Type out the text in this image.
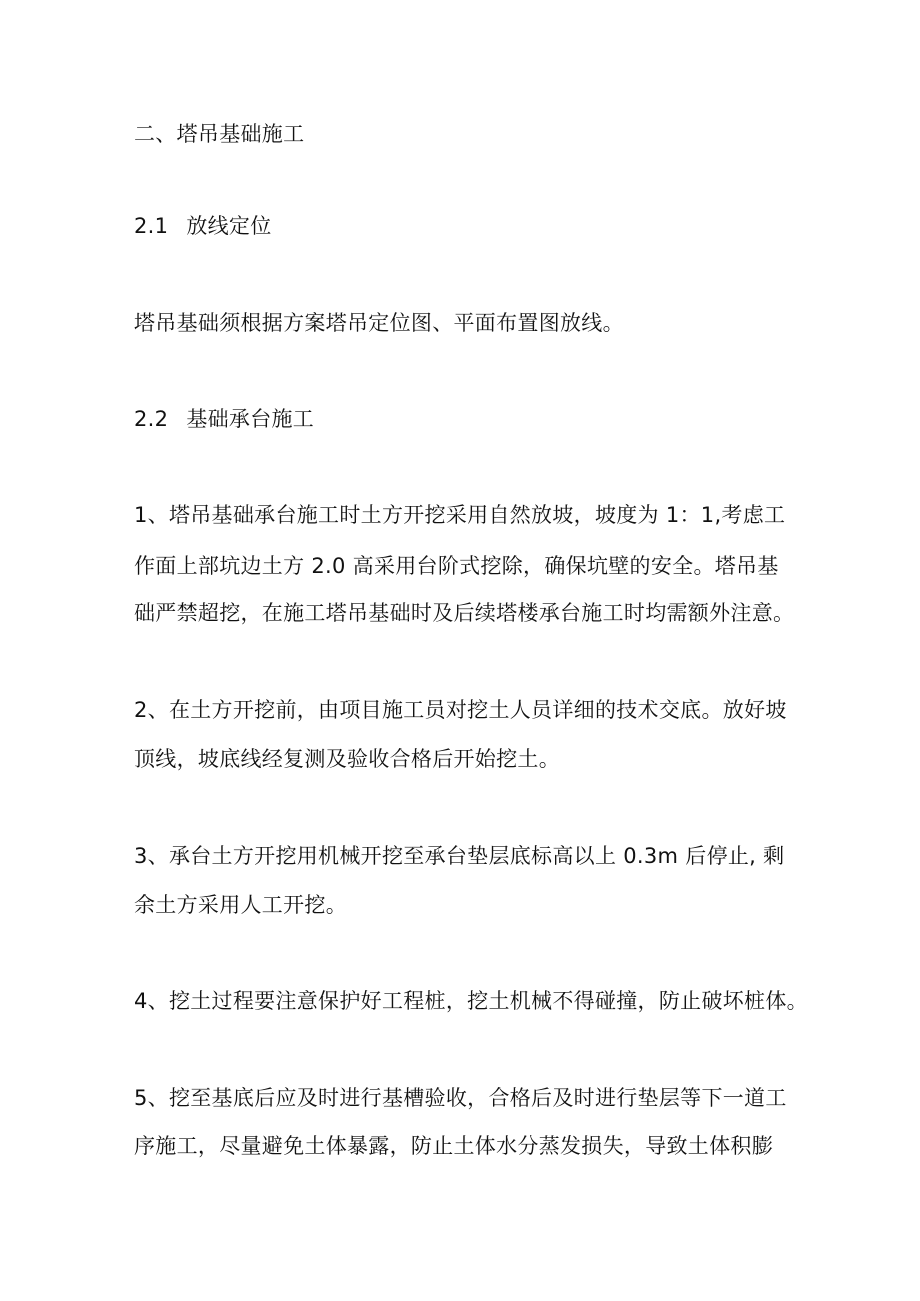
二、塔吊基础施工
2.1 放线定位
塔吊基础须根据方案塔吊定位图、平面布置图放线。
2.2 基础承台施工
1、塔吊基础承台施工时土方开挖采用自然放坡，坡度为 1：1,考虑工
作面上部坑边土方 2.0 高采用台阶式挖除，确保坑壁的安全。塔吊基
础严禁超挖，在施工塔吊基础时及后续塔楼承台施工时均需额外注意。
2、在土方开挖前，由项目施工员对挖土人员详细的技术交底。放好坡
顶线，坡底线经复测及验收合格后开始挖土。
3、承台土方开挖用机械开挖至承台垫层底标高以上 0.3m 后停止, 剩
余土方采用人工开挖。
4、挖土过程要注意保护好工程桩，挖土机械不得碰撞，防止破坏桩体。
5、挖至基底后应及时进行基槽验收，合格后及时进行垫层等下一道工
序施工，尽量避免土体暴露，防止土体水分蒸发损失，导致土体积膨
